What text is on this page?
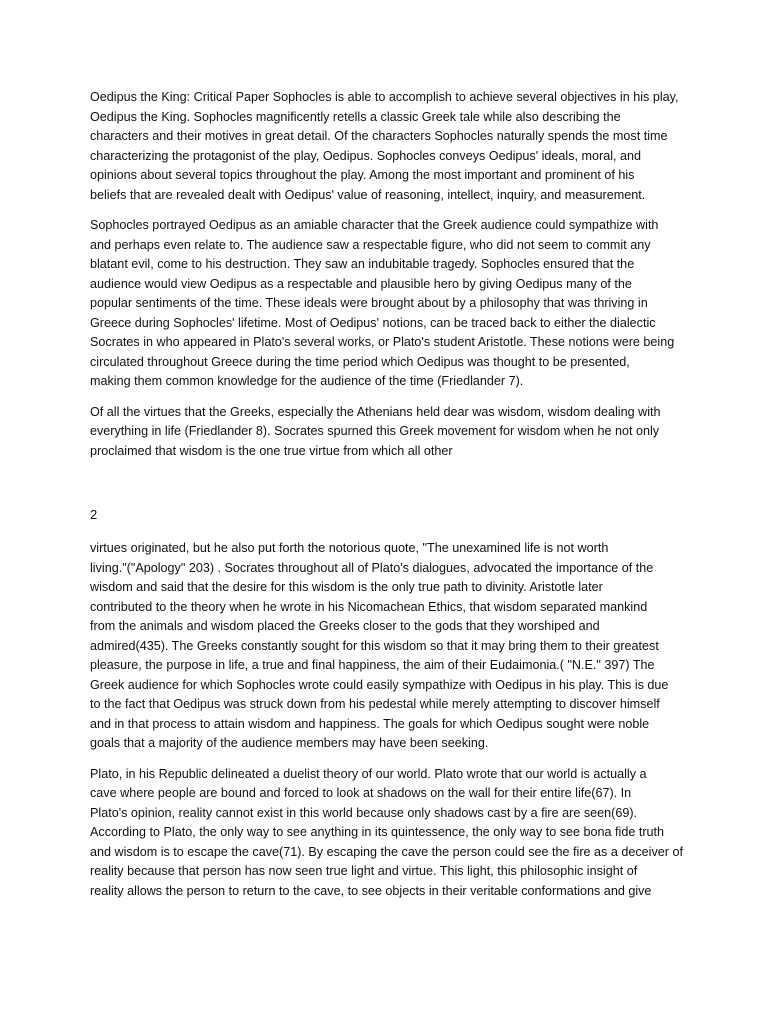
Oedipus the King: Critical Paper Sophocles is able to accomplish to achieve several objectives in his play,
Oedipus the King. Sophocles magnificently retells a classic Greek tale while also describing the
characters and their motives in great detail. Of the characters Sophocles naturally spends the most time
characterizing the protagonist of the play, Oedipus. Sophocles conveys Oedipus' ideals, moral, and
opinions about several topics throughout the play. Among the most important and prominent of his
beliefs that are revealed dealt with Oedipus' value of reasoning, intellect, inquiry, and measurement.

Sophocles portrayed Oedipus as an amiable character that the Greek audience could sympathize with
and perhaps even relate to. The audience saw a respectable figure, who did not seem to commit any
blatant evil, come to his destruction. They saw an indubitable tragedy. Sophocles ensured that the
audience would view Oedipus as a respectable and plausible hero by giving Oedipus many of the
popular sentiments of the time. These ideals were brought about by a philosophy that was thriving in
Greece during Sophocles' lifetime. Most of Oedipus' notions, can be traced back to either the dialectic
Socrates in who appeared in Plato's several works, or Plato's student Aristotle. These notions were being
circulated throughout Greece during the time period which Oedipus was thought to be presented,
making them common knowledge for the audience of the time (Friedlander 7).

Of all the virtues that the Greeks, especially the Athenians held dear was wisdom, wisdom dealing with
everything in life (Friedlander 8). Socrates spurned this Greek movement for wisdom when he not only
proclaimed that wisdom is the one true virtue from which all other

2

virtues originated, but he also put forth the notorious quote, "The unexamined life is not worth
living."("Apology" 203) . Socrates throughout all of Plato's dialogues, advocated the importance of the
wisdom and said that the desire for this wisdom is the only true path to divinity. Aristotle later
contributed to the theory when he wrote in his Nicomachean Ethics, that wisdom separated mankind
from the animals and wisdom placed the Greeks closer to the gods that they worshiped and
admired(435). The Greeks constantly sought for this wisdom so that it may bring them to their greatest
pleasure, the purpose in life, a true and final happiness, the aim of their Eudaimonia.( "N.E." 397) The
Greek audience for which Sophocles wrote could easily sympathize with Oedipus in his play. This is due
to the fact that Oedipus was struck down from his pedestal while merely attempting to discover himself
and in that process to attain wisdom and happiness. The goals for which Oedipus sought were noble
goals that a majority of the audience members may have been seeking.

Plato, in his Republic delineated a duelist theory of our world. Plato wrote that our world is actually a
cave where people are bound and forced to look at shadows on the wall for their entire life(67). In
Plato's opinion, reality cannot exist in this world because only shadows cast by a fire are seen(69).
According to Plato, the only way to see anything in its quintessence, the only way to see bona fide truth
and wisdom is to escape the cave(71). By escaping the cave the person could see the fire as a deceiver of
reality because that person has now seen true light and virtue. This light, this philosophic insight of
reality allows the person to return to the cave, to see objects in their veritable conformations and give
